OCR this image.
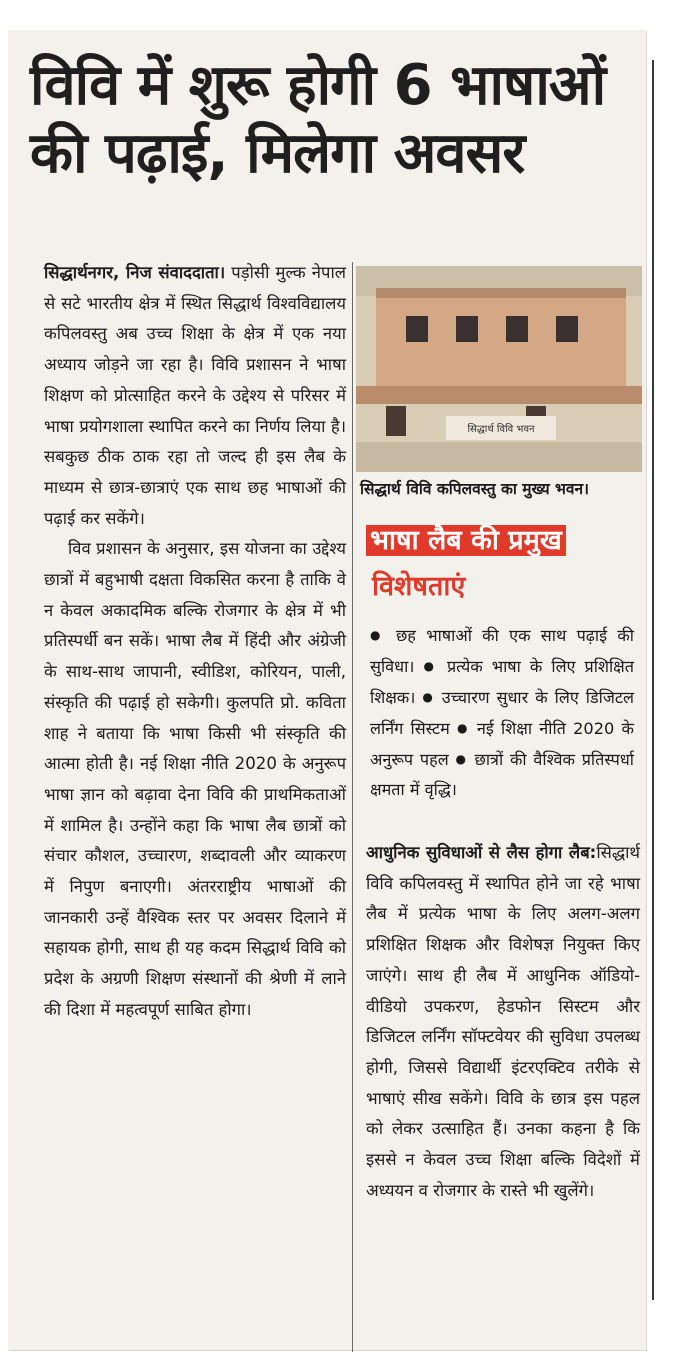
विवि में शुरू होगी 6 भाषाओं
की पढ़ाई, मिलेगा अवसर

सिद्धार्थनगर, निज संवाददाता। पड़ोसी मुल्क नेपाल से सटे भारतीय क्षेत्र में स्थित सिद्धार्थ विश्वविद्यालय कपिलवस्तु अब उच्च शिक्षा के क्षेत्र में एक नया अध्याय जोड़ने जा रहा है। विवि प्रशासन ने भाषा शिक्षण को प्रोत्साहित करने के उद्देश्य से परिसर में भाषा प्रयोगशाला स्थापित करने का निर्णय लिया है। सबकुछ ठीक ठाक रहा तो जल्द ही इस लैब के माध्यम से छात्र-छात्राएं एक साथ छह भाषाओं की पढ़ाई कर सकेंगे।

विव प्रशासन के अनुसार, इस योजना का उद्देश्य छात्रों में बहुभाषी दक्षता विकसित करना है ताकि वे न केवल अकादमिक बल्कि रोजगार के क्षेत्र में भी प्रतिस्पर्धी बन सकें। भाषा लैब में हिंदी और अंग्रेजी के साथ-साथ जापानी, स्वीडिश, कोरियन, पाली, संस्कृति की पढ़ाई हो सकेगी। कुलपति प्रो. कविता शाह ने बताया कि भाषा किसी भी संस्कृति की आत्मा होती है। नई शिक्षा नीति 2020 के अनुरूप भाषा ज्ञान को बढ़ावा देना विवि की प्राथमिकताओं में शामिल है। उन्होंने कहा कि भाषा लैब छात्रों को संचार कौशल, उच्चारण, शब्दावली और व्याकरण में निपुण बनाएगी। अंतरराष्ट्रीय भाषाओं की जानकारी उन्हें वैश्विक स्तर पर अवसर दिलाने में सहायक होगी, साथ ही यह कदम सिद्धार्थ विवि को प्रदेश के अग्रणी शिक्षण संस्थानों की श्रेणी में लाने की दिशा में महत्वपूर्ण साबित होगा।

सिद्धार्थ विवि भवन
सिद्धार्थ विवि कपिलवस्तु का मुख्य भवन।
भाषा लैब की प्रमुख
विशेषताएं
● छह भाषाओं की एक साथ पढ़ाई की सुविधा। ● प्रत्येक भाषा के लिए प्रशिक्षित शिक्षक। ● उच्चारण सुधार के लिए डिजिटल लर्निंग सिस्टम ● नई शिक्षा नीति 2020 के अनुरूप पहल ● छात्रों की वैश्विक प्रतिस्पर्धा क्षमता में वृद्धि।

आधुनिक सुविधाओं से लैस होगा लैब:सिद्धार्थ विवि कपिलवस्तु में स्थापित होने जा रहे भाषा लैब में प्रत्येक भाषा के लिए अलग-अलग प्रशिक्षित शिक्षक और विशेषज्ञ नियुक्त किए जाएंगे। साथ ही लैब में आधुनिक ऑडियो-वीडियो उपकरण, हेडफोन सिस्टम और डिजिटल लर्निंग सॉफ्टवेयर की सुविधा उपलब्ध होगी, जिससे विद्यार्थी इंटरएक्टिव तरीके से भाषाएं सीख सकेंगे। विवि के छात्र इस पहल को लेकर उत्साहित हैं। उनका कहना है कि इससे न केवल उच्च शिक्षा बल्कि विदेशों में अध्ययन व रोजगार के रास्ते भी खुलेंगे।
